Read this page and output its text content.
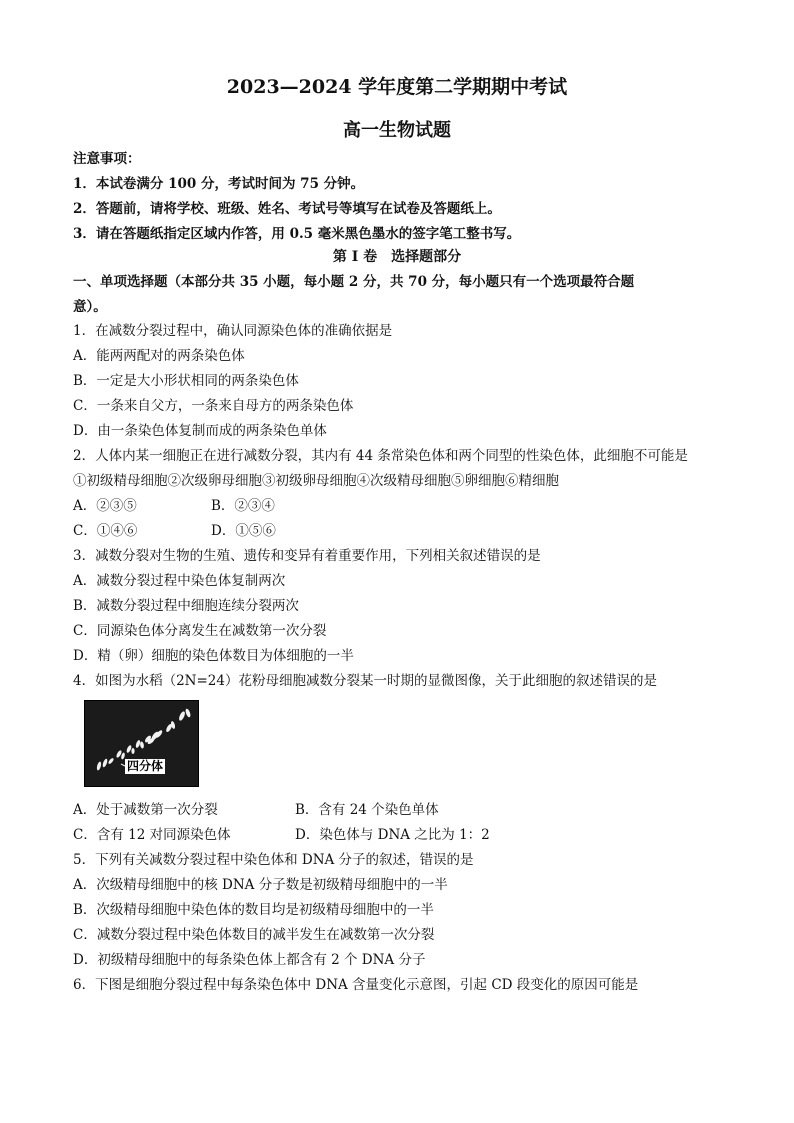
2023—2024 学年度第二学期期中考试
高一生物试题
注意事项：
1．本试卷满分 100 分，考试时间为 75 分钟。
2．答题前，请将学校、班级、姓名、考试号等填写在试卷及答题纸上。
3．请在答题纸指定区域内作答，用 0.5 毫米黑色墨水的签字笔工整书写。
第 I 卷　选择题部分
一、单项选择题（本部分共 35 小题，每小题 2 分，共 70 分，每小题只有一个选项最符合题
意）。
1．在减数分裂过程中，确认同源染色体的准确依据是
A．能两两配对的两条染色体
B．一定是大小形状相同的两条染色体
C．一条来自父方，一条来自母方的两条染色体
D．由一条染色体复制而成的两条染色单体
2．人体内某一细胞正在进行减数分裂，其内有 44 条常染色体和两个同型的性染色体，此细胞不可能是
①初级精母细胞②次级卵母细胞③初级卵母细胞④次级精母细胞⑤卵细胞⑥精细胞
A．②③⑤	B．②③④
C．①④⑥	D．①⑤⑥
3．减数分裂对生物的生殖、遗传和变异有着重要作用，下列相关叙述错误的是
A．减数分裂过程中染色体复制两次
B．减数分裂过程中细胞连续分裂两次
C．同源染色体分离发生在减数第一次分裂
D．精（卵）细胞的染色体数目为体细胞的一半
4．如图为水稻（2N=24）花粉母细胞减数分裂某一时期的显微图像，关于此细胞的叙述错误的是
四分体
A．处于减数第一次分裂	B．含有 24 个染色单体
C．含有 12 对同源染色体	D．染色体与 DNA 之比为 1：2
5．下列有关减数分裂过程中染色体和 DNA 分子的叙述，错误的是
A．次级精母细胞中的核 DNA 分子数是初级精母细胞中的一半
B．次级精母细胞中染色体的数目均是初级精母细胞中的一半
C．减数分裂过程中染色体数目的减半发生在减数第一次分裂
D．初级精母细胞中的每条染色体上都含有 2 个 DNA 分子
6．下图是细胞分裂过程中每条染色体中 DNA 含量变化示意图，引起 CD 段变化的原因可能是
